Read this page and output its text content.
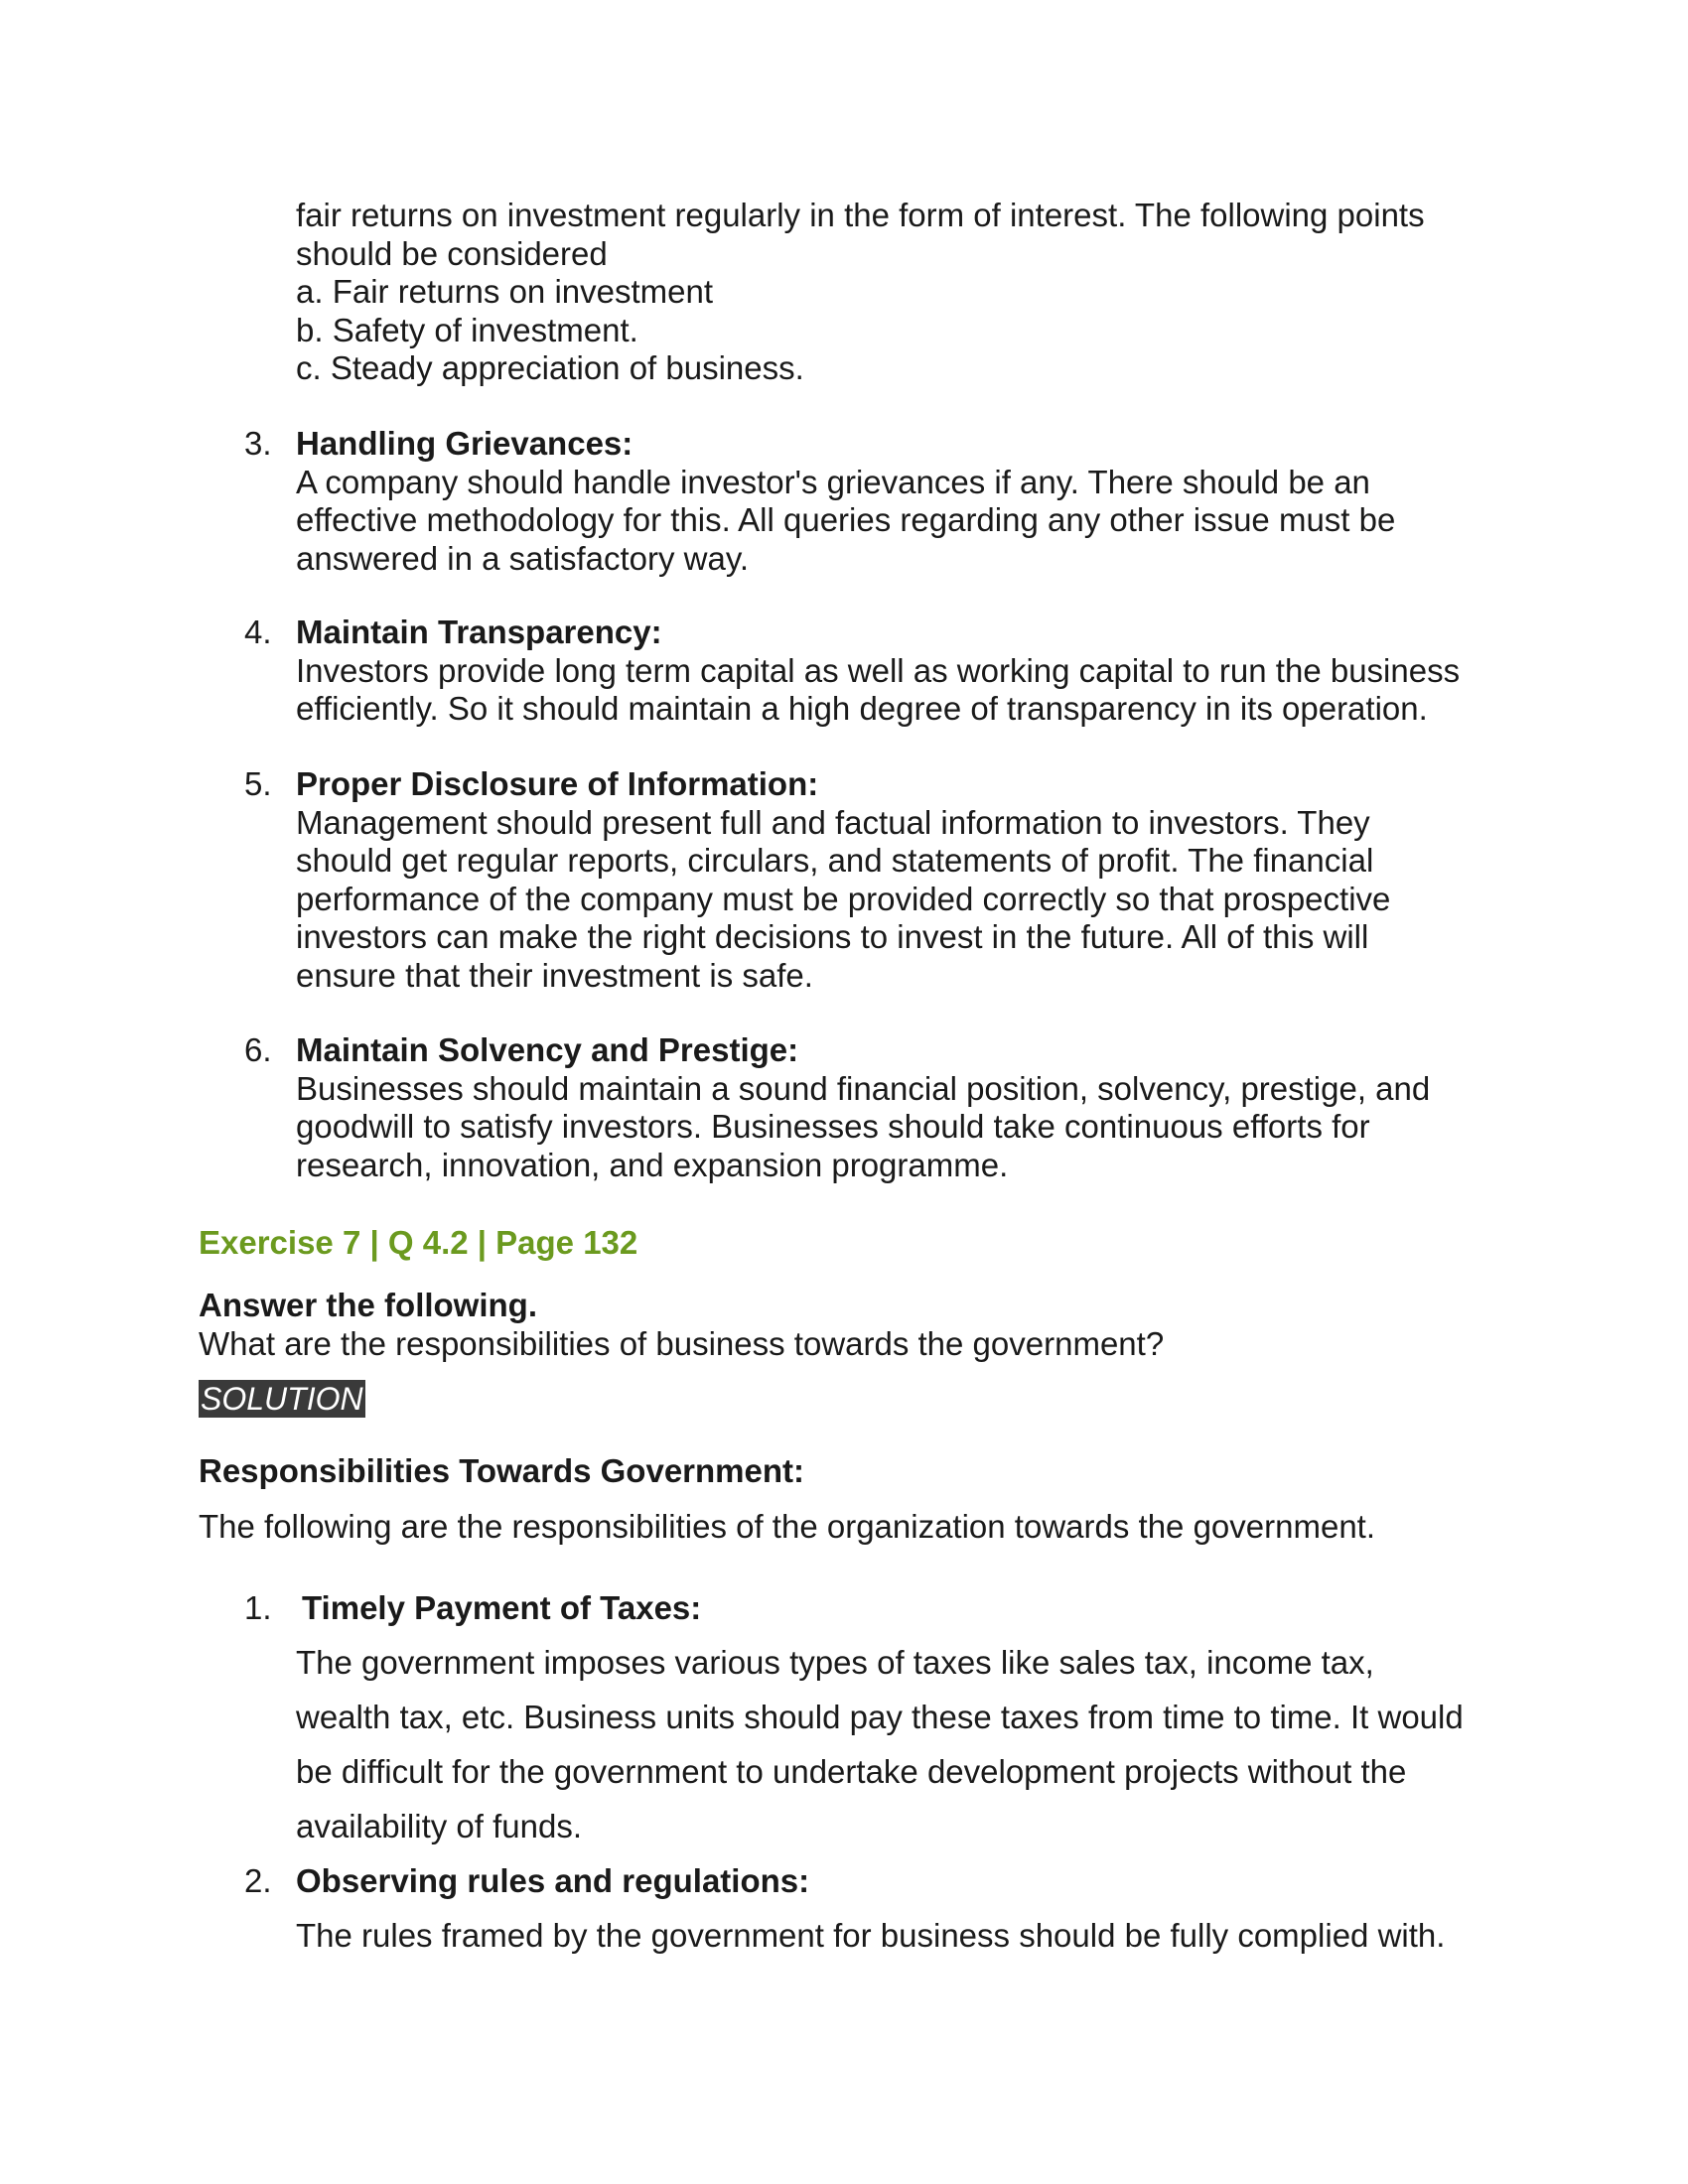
fair returns on investment regularly in the form of interest. The following points
should be considered
a. Fair returns on investment
b. Safety of investment.
c. Steady appreciation of business.
3. Handling Grievances:
A company should handle investor's grievances if any. There should be an
effective methodology for this. All queries regarding any other issue must be
answered in a satisfactory way.
4. Maintain Transparency:
Investors provide long term capital as well as working capital to run the business
efficiently. So it should maintain a high degree of transparency in its operation.
5. Proper Disclosure of Information:
Management should present full and factual information to investors. They
should get regular reports, circulars, and statements of profit. The financial
performance of the company must be provided correctly so that prospective
investors can make the right decisions to invest in the future. All of this will
ensure that their investment is safe.
6. Maintain Solvency and Prestige:
Businesses should maintain a sound financial position, solvency, prestige, and
goodwill to satisfy investors. Businesses should take continuous efforts for
research, innovation, and expansion programme.
Exercise 7 | Q 4.2 | Page 132
Answer the following.
What are the responsibilities of business towards the government?
SOLUTION
Responsibilities Towards Government:
The following are the responsibilities of the organization towards the government.
1. Timely Payment of Taxes:
The government imposes various types of taxes like sales tax, income tax,
wealth tax, etc. Business units should pay these taxes from time to time. It would
be difficult for the government to undertake development projects without the
availability of funds.
2. Observing rules and regulations:
The rules framed by the government for business should be fully complied with.
